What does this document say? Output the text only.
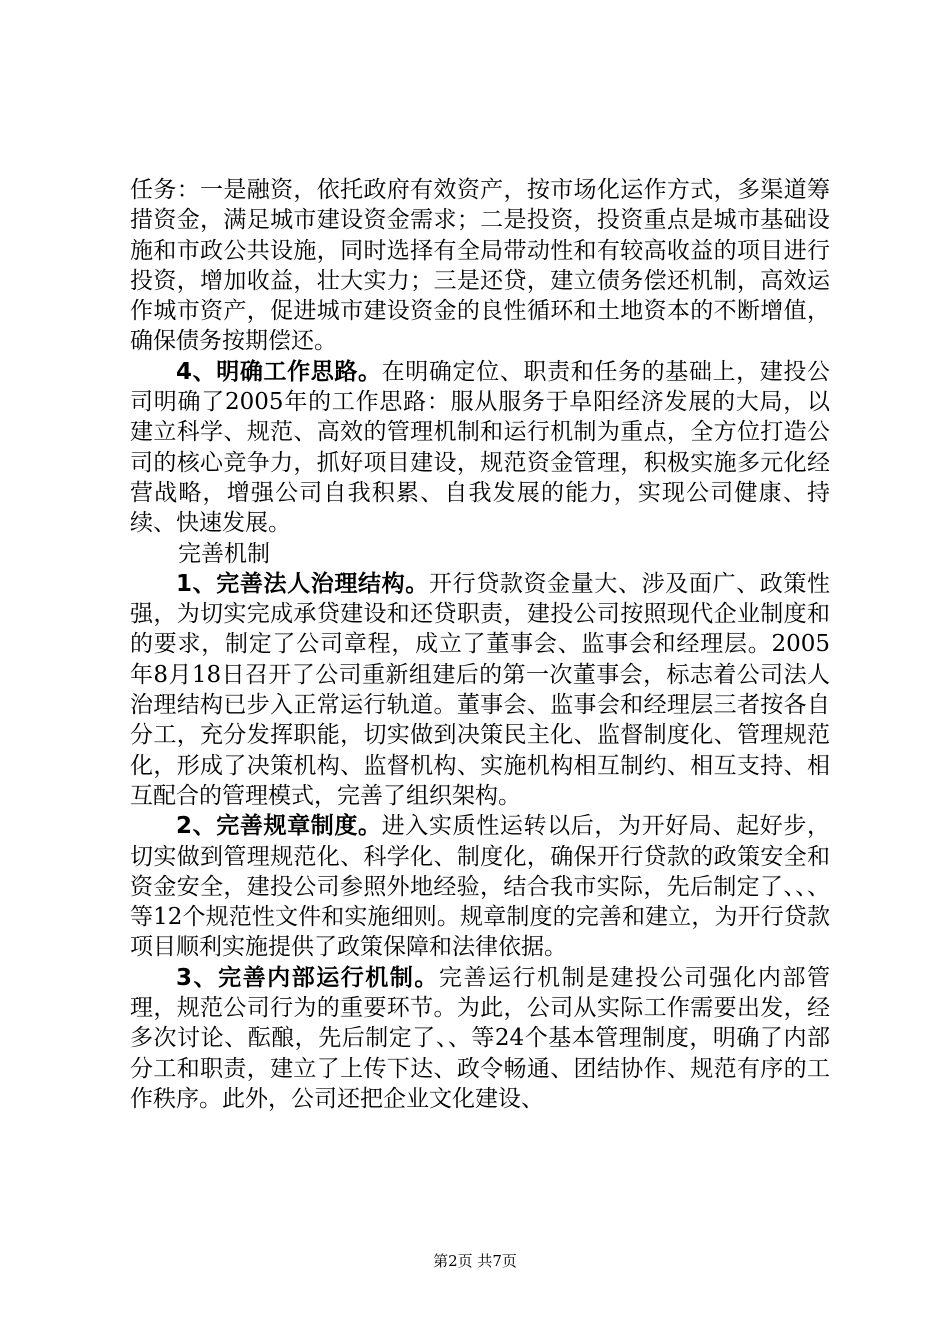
任务：一是融资，依托政府有效资产，按市场化运作方式，多渠道筹措资金，满足城市建设资金需求；二是投资，投资重点是城市基础设施和市政公共设施，同时选择有全局带动性和有较高收益的项目进行投资，增加收益，壮大实力；三是还贷，建立债务偿还机制，高效运作城市资产，促进城市建设资金的良性循环和土地资本的不断增值，确保债务按期偿还。

4、明确工作思路。在明确定位、职责和任务的基础上，建投公司明确了2005年的工作思路：服从服务于阜阳经济发展的大局，以建立科学、规范、高效的管理机制和运行机制为重点，全方位打造公司的核心竞争力，抓好项目建设，规范资金管理，积极实施多元化经营战略，增强公司自我积累、自我发展的能力，实现公司健康、持续、快速发展。

完善机制

1、完善法人治理结构。开行贷款资金量大、涉及面广、政策性强，为切实完成承贷建设和还贷职责，建投公司按照现代企业制度和的要求，制定了公司章程，成立了董事会、监事会和经理层。2005年8月18日召开了公司重新组建后的第一次董事会，标志着公司法人治理结构已步入正常运行轨道。董事会、监事会和经理层三者按各自分工，充分发挥职能，切实做到决策民主化、监督制度化、管理规范化，形成了决策机构、监督机构、实施机构相互制约、相互支持、相互配合的管理模式，完善了组织架构。

2、完善规章制度。进入实质性运转以后，为开好局、起好步，切实做到管理规范化、科学化、制度化，确保开行贷款的政策安全和资金安全，建投公司参照外地经验，结合我市实际，先后制定了、、、等12个规范性文件和实施细则。规章制度的完善和建立，为开行贷款项目顺利实施提供了政策保障和法律依据。

3、完善内部运行机制。完善运行机制是建投公司强化内部管理，规范公司行为的重要环节。为此，公司从实际工作需要出发，经多次讨论、酝酿，先后制定了、、等24个基本管理制度，明确了内部分工和职责，建立了上传下达、政令畅通、团结协作、规范有序的工作秩序。此外，公司还把企业文化建设、

第2页 共7页
